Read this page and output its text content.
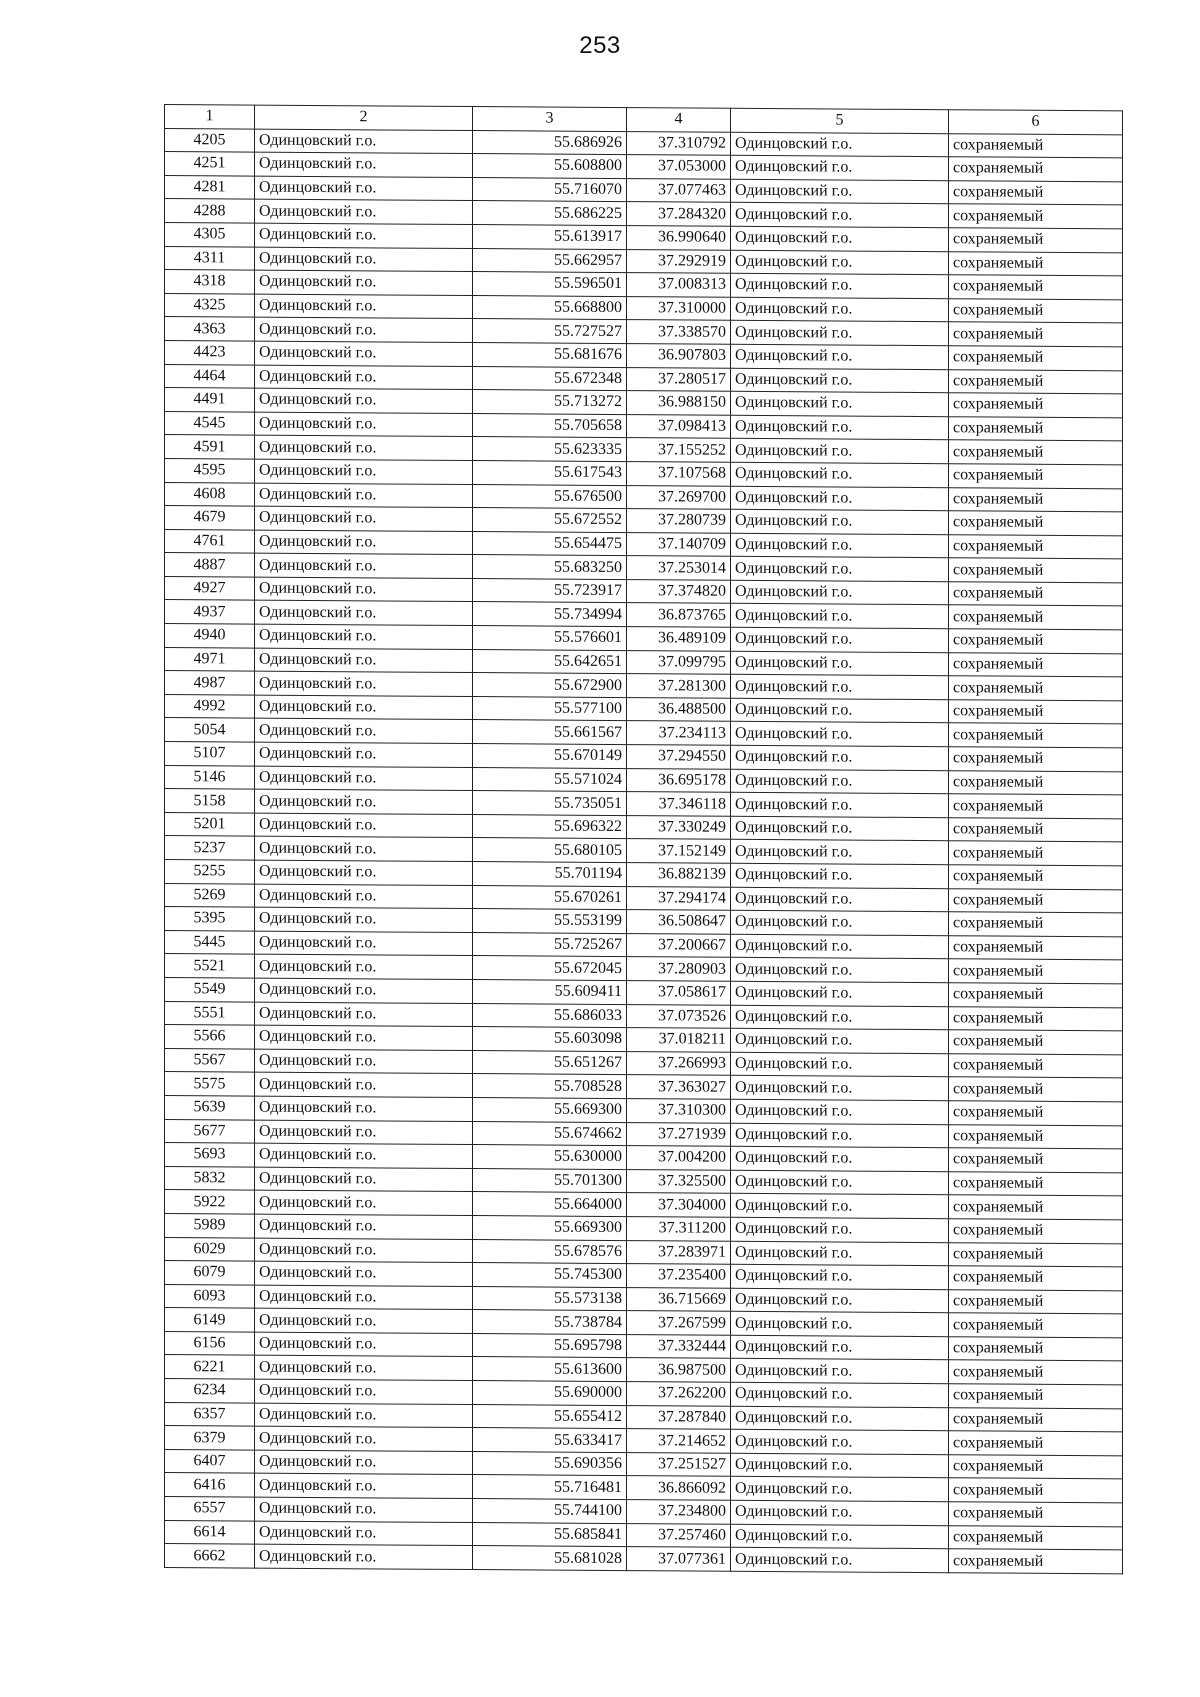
253
1	2	3	4	5	6
4205	Одинцовский г.о.	55.686926	37.310792	Одинцовский г.о.	сохраняемый
4251	Одинцовский г.о.	55.608800	37.053000	Одинцовский г.о.	сохраняемый
4281	Одинцовский г.о.	55.716070	37.077463	Одинцовский г.о.	сохраняемый
4288	Одинцовский г.о.	55.686225	37.284320	Одинцовский г.о.	сохраняемый
4305	Одинцовский г.о.	55.613917	36.990640	Одинцовский г.о.	сохраняемый
4311	Одинцовский г.о.	55.662957	37.292919	Одинцовский г.о.	сохраняемый
4318	Одинцовский г.о.	55.596501	37.008313	Одинцовский г.о.	сохраняемый
4325	Одинцовский г.о.	55.668800	37.310000	Одинцовский г.о.	сохраняемый
4363	Одинцовский г.о.	55.727527	37.338570	Одинцовский г.о.	сохраняемый
4423	Одинцовский г.о.	55.681676	36.907803	Одинцовский г.о.	сохраняемый
4464	Одинцовский г.о.	55.672348	37.280517	Одинцовский г.о.	сохраняемый
4491	Одинцовский г.о.	55.713272	36.988150	Одинцовский г.о.	сохраняемый
4545	Одинцовский г.о.	55.705658	37.098413	Одинцовский г.о.	сохраняемый
4591	Одинцовский г.о.	55.623335	37.155252	Одинцовский г.о.	сохраняемый
4595	Одинцовский г.о.	55.617543	37.107568	Одинцовский г.о.	сохраняемый
4608	Одинцовский г.о.	55.676500	37.269700	Одинцовский г.о.	сохраняемый
4679	Одинцовский г.о.	55.672552	37.280739	Одинцовский г.о.	сохраняемый
4761	Одинцовский г.о.	55.654475	37.140709	Одинцовский г.о.	сохраняемый
4887	Одинцовский г.о.	55.683250	37.253014	Одинцовский г.о.	сохраняемый
4927	Одинцовский г.о.	55.723917	37.374820	Одинцовский г.о.	сохраняемый
4937	Одинцовский г.о.	55.734994	36.873765	Одинцовский г.о.	сохраняемый
4940	Одинцовский г.о.	55.576601	36.489109	Одинцовский г.о.	сохраняемый
4971	Одинцовский г.о.	55.642651	37.099795	Одинцовский г.о.	сохраняемый
4987	Одинцовский г.о.	55.672900	37.281300	Одинцовский г.о.	сохраняемый
4992	Одинцовский г.о.	55.577100	36.488500	Одинцовский г.о.	сохраняемый
5054	Одинцовский г.о.	55.661567	37.234113	Одинцовский г.о.	сохраняемый
5107	Одинцовский г.о.	55.670149	37.294550	Одинцовский г.о.	сохраняемый
5146	Одинцовский г.о.	55.571024	36.695178	Одинцовский г.о.	сохраняемый
5158	Одинцовский г.о.	55.735051	37.346118	Одинцовский г.о.	сохраняемый
5201	Одинцовский г.о.	55.696322	37.330249	Одинцовский г.о.	сохраняемый
5237	Одинцовский г.о.	55.680105	37.152149	Одинцовский г.о.	сохраняемый
5255	Одинцовский г.о.	55.701194	36.882139	Одинцовский г.о.	сохраняемый
5269	Одинцовский г.о.	55.670261	37.294174	Одинцовский г.о.	сохраняемый
5395	Одинцовский г.о.	55.553199	36.508647	Одинцовский г.о.	сохраняемый
5445	Одинцовский г.о.	55.725267	37.200667	Одинцовский г.о.	сохраняемый
5521	Одинцовский г.о.	55.672045	37.280903	Одинцовский г.о.	сохраняемый
5549	Одинцовский г.о.	55.609411	37.058617	Одинцовский г.о.	сохраняемый
5551	Одинцовский г.о.	55.686033	37.073526	Одинцовский г.о.	сохраняемый
5566	Одинцовский г.о.	55.603098	37.018211	Одинцовский г.о.	сохраняемый
5567	Одинцовский г.о.	55.651267	37.266993	Одинцовский г.о.	сохраняемый
5575	Одинцовский г.о.	55.708528	37.363027	Одинцовский г.о.	сохраняемый
5639	Одинцовский г.о.	55.669300	37.310300	Одинцовский г.о.	сохраняемый
5677	Одинцовский г.о.	55.674662	37.271939	Одинцовский г.о.	сохраняемый
5693	Одинцовский г.о.	55.630000	37.004200	Одинцовский г.о.	сохраняемый
5832	Одинцовский г.о.	55.701300	37.325500	Одинцовский г.о.	сохраняемый
5922	Одинцовский г.о.	55.664000	37.304000	Одинцовский г.о.	сохраняемый
5989	Одинцовский г.о.	55.669300	37.311200	Одинцовский г.о.	сохраняемый
6029	Одинцовский г.о.	55.678576	37.283971	Одинцовский г.о.	сохраняемый
6079	Одинцовский г.о.	55.745300	37.235400	Одинцовский г.о.	сохраняемый
6093	Одинцовский г.о.	55.573138	36.715669	Одинцовский г.о.	сохраняемый
6149	Одинцовский г.о.	55.738784	37.267599	Одинцовский г.о.	сохраняемый
6156	Одинцовский г.о.	55.695798	37.332444	Одинцовский г.о.	сохраняемый
6221	Одинцовский г.о.	55.613600	36.987500	Одинцовский г.о.	сохраняемый
6234	Одинцовский г.о.	55.690000	37.262200	Одинцовский г.о.	сохраняемый
6357	Одинцовский г.о.	55.655412	37.287840	Одинцовский г.о.	сохраняемый
6379	Одинцовский г.о.	55.633417	37.214652	Одинцовский г.о.	сохраняемый
6407	Одинцовский г.о.	55.690356	37.251527	Одинцовский г.о.	сохраняемый
6416	Одинцовский г.о.	55.716481	36.866092	Одинцовский г.о.	сохраняемый
6557	Одинцовский г.о.	55.744100	37.234800	Одинцовский г.о.	сохраняемый
6614	Одинцовский г.о.	55.685841	37.257460	Одинцовский г.о.	сохраняемый
6662	Одинцовский г.о.	55.681028	37.077361	Одинцовский г.о.	сохраняемый
